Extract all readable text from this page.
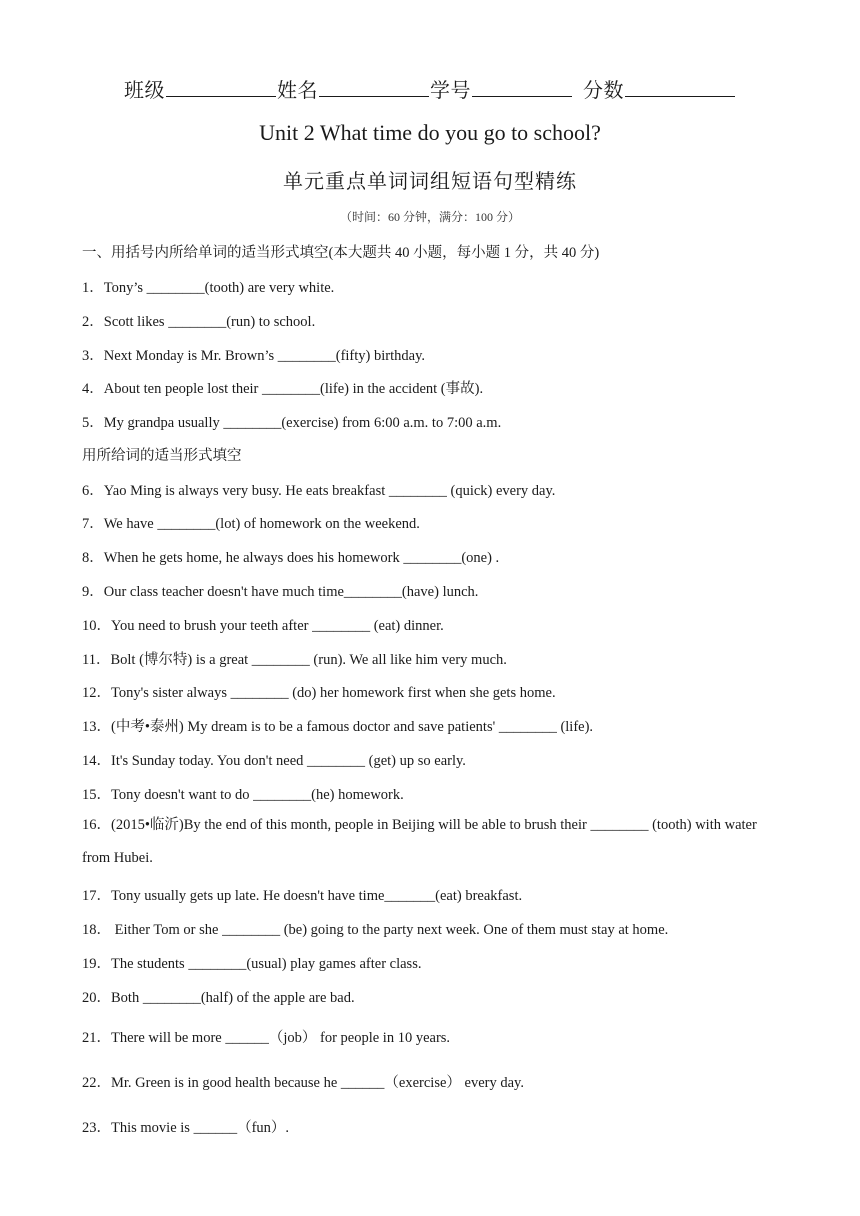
班级	姓名	学号	分数
Unit 2 What time do you go to school?
单元重点单词词组短语句型精练
（时间：60 分钟，满分：100 分）
一、用括号内所给单词的适当形式填空(本大题共 40 小题，每小题 1 分，共 40 分)
1．Tony’s ________(tooth) are very white.
2．Scott likes ________(run) to school.
3．Next Monday is Mr. Brown’s ________(fifty) birthday.
4．About ten people lost their ________(life) in the accident (事故).
5．My grandpa usually ________(exercise) from 6:00 a.m. to 7:00 a.m.
用所给词的适当形式填空
6．Yao Ming is always very busy. He eats breakfast ________ (quick) every day.
7．We have ________(lot) of homework on the weekend.
8．When he gets home, he always does his homework ________(one) .
9．Our class teacher doesn't have much time________(have) lunch.
10．You need to brush your teeth after ________ (eat) dinner.
11．Bolt (博尔特) is a great ________ (run). We all like him very much.
12．Tony's sister always ________ (do) her homework first when she gets home.
13．(中考•泰州) My dream is to be a famous doctor and save patients' ________ (life).
14．It's Sunday today. You don't need ________ (get) up so early.
15．Tony doesn't want to do ________(he) homework.
16．(2015•临沂)By the end of this month, people in Beijing will be able to brush their ________ (tooth) with water from Hubei.
17．Tony usually gets up late. He doesn't have time_______(eat) breakfast.
18． Either Tom or she ________ (be) going to the party next week. One of them must stay at home.
19．The students ________(usual) play games after class.
20．Both ________(half) of the apple are bad.
21．There will be more ______（job） for people in 10 years.
22．Mr. Green is in good health because he ______（exercise） every day.
23．This movie is ______（fun）.
